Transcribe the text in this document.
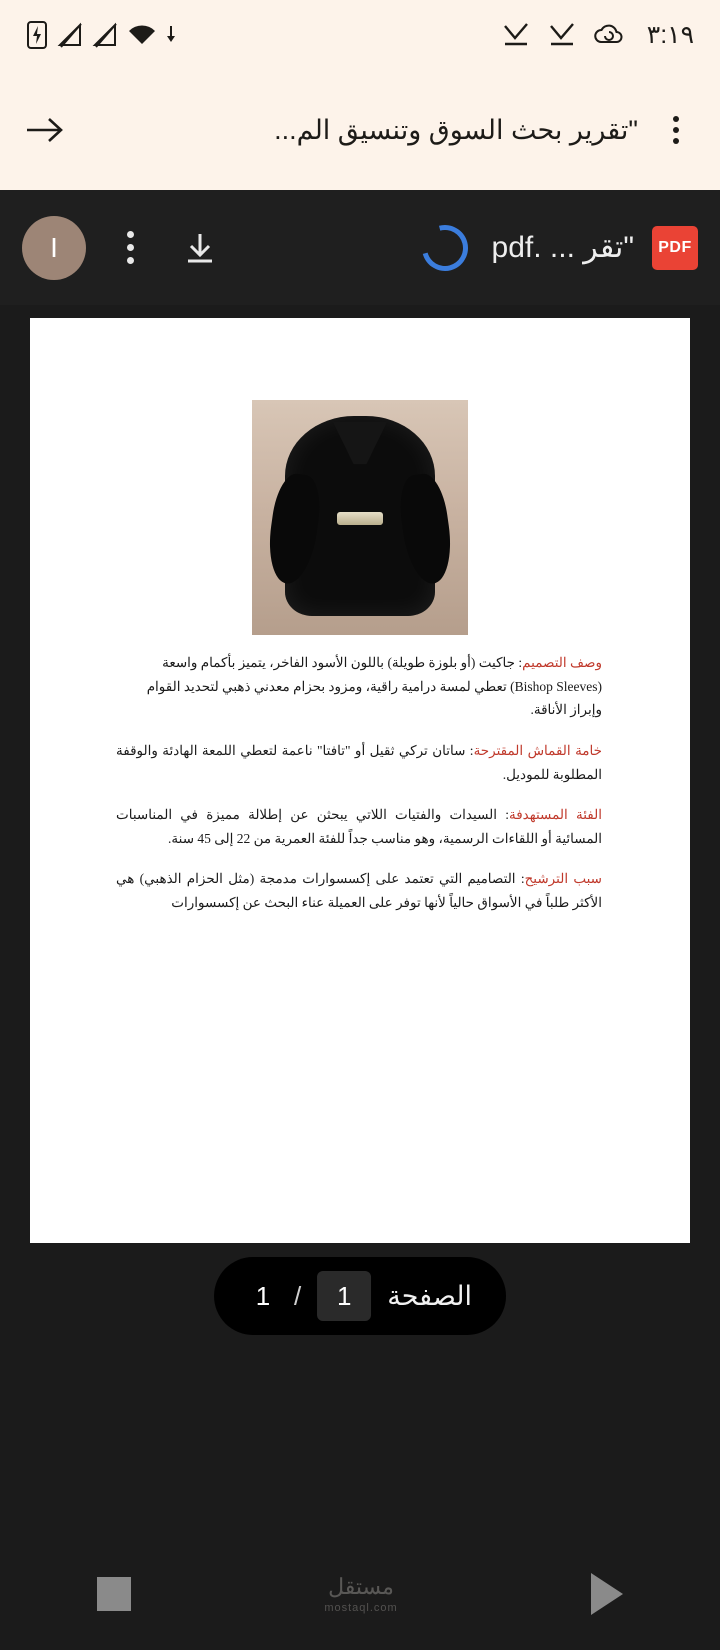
٣:١٩
"تقرير بحث السوق وتنسيق الم...
PDF
"تقر ... .pdf
I

وصف التصميم: جاكيت (أو بلوزة طويلة) باللون الأسود الفاخر، يتميز بأكمام واسعة (Bishop Sleeves) تعطي لمسة درامية راقية، ومزود بحزام معدني ذهبي لتحديد القوام وإبراز الأناقة.

خامة القماش المقترحة: ساتان تركي ثقيل أو "تافتا" ناعمة لتعطي اللمعة الهادئة والوقفة المطلوبة للموديل.

الفئة المستهدفة: السيدات والفتيات اللاتي يبحثن عن إطلالة مميزة في المناسبات المسائية أو اللقاءات الرسمية، وهو مناسب جداً للفئة العمرية من 22 إلى 45 سنة.

سبب الترشيح: التصاميم التي تعتمد على إكسسوارات مدمجة (مثل الحزام الذهبي) هي الأكثر طلباً في الأسواق حالياً لأنها توفر على العميلة عناء البحث عن إكسسوارات

الصفحة
1
/
1
مستقل
mostaql.com
